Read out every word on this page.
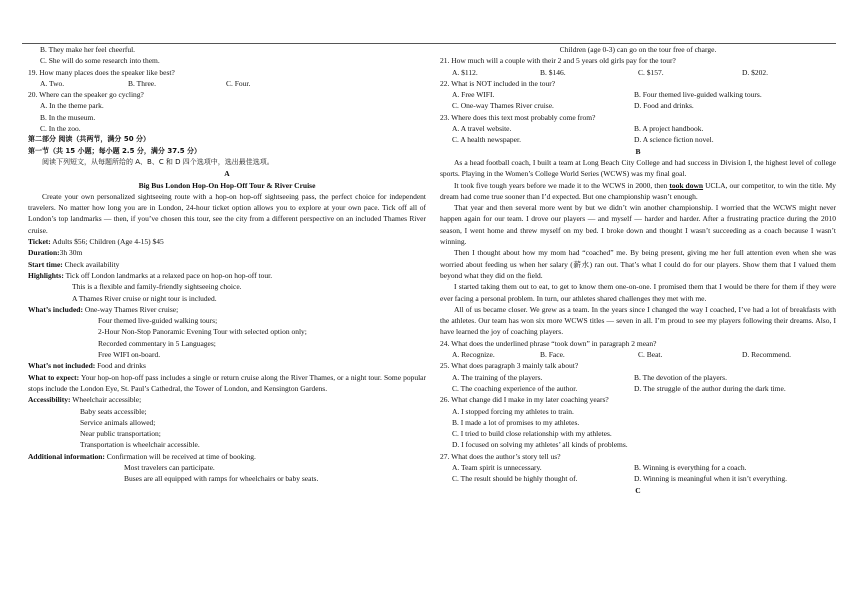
B. They make her feel cheerful.
C. She will do some research into them.
19. How many places does the speaker like best?
A. Two.	B. Three.	C. Four.
20. Where can the speaker go cycling?
A. In the theme park.
B. In the museum.
C. In the zoo.
第二部分 阅读（共两节，满分 50 分）
第一节（共 15 小题；每小题 2.5 分，满分 37.5 分）
阅读下列短文，从每题所给的 A、B、C 和 D 四个选项中，选出最佳选项。
A
Big Bus London Hop-On Hop-Off Tour & River Cruise
Create your own personalized sightseeing route with a hop-on hop-off sightseeing pass, the perfect choice for independent travelers. No matter how long you are in London, 24-hour ticket option allows you to explore at your own pace. Tick off all of London’s top landmarks — then, if you’ve chosen this tour, see the city from a different perspective on an included Thames River cruise.
Ticket: Adults $56; Children (Age 4-15) $45
Duration:3h 30m
Start time: Check availability
Highlights: Tick off London landmarks at a relaxed pace on hop-on hop-off tour.
This is a flexible and family-friendly sightseeing choice.
A Thames River cruise or night tour is included.
What’s included: One-way Thames River cruise;
Four themed live-guided walking tours;
2-Hour Non-Stop Panoramic Evening Tour with selected option only;
Recorded commentary in 5 Languages;
Free WIFI on-board.
What’s not included: Food and drinks
What to expect: Your hop-on hop-off pass includes a single or return cruise along the River Thames, or a night tour. Some popular stops include the London Eye, St. Paul’s Cathedral, the Tower of London, and Kensington Gardens.
Accessibility: Wheelchair accessible;
Baby seats accessible;
Service animals allowed;
Near public transportation;
Transportation is wheelchair accessible.
Additional information: Confirmation will be received at time of booking.
Most travelers can participate.
Buses are all equipped with ramps for wheelchairs or baby seats.
Children (age 0-3) can go on the tour free of charge.
21. How much will a couple with their 2 and 5 years old girls pay for the tour?
A. $112.	B. $146.	C. $157.	D. $202.
22. What is NOT included in the tour?
A. Free WIFI.	B. Four themed live-guided walking tours.
C. One-way Thames River cruise.	D. Food and drinks.
23. Where does this text most probably come from?
A. A travel website.	B. A project handbook.
C. A health newspaper.	D. A science fiction novel.
B
As a head football coach, I built a team at Long Beach City College and had success in Division I, the highest level of college sports. Playing in the Women’s College World Series (WCWS) was my final goal.
It took five tough years before we made it to the WCWS in 2000, then took down UCLA, our competitor, to win the title. My dream had come true sooner than I’d expected. But one championship wasn’t enough.
That year and then several more went by but we didn’t win another championship. I worried that the WCWS might never happen again for our team. I drove our players — and myself — harder and harder. After a frustrating practice during the 2010 season, I went home and threw myself on my bed. I broke down and thought I wasn’t succeeding as a coach because I wasn’t winning.
Then I thought about how my mom had “coached” me. By being present, giving me her full attention even when she was worried about feeding us when her salary (薪水) ran out. That’s what I could do for our players. Show them that I valued them beyond what they did on the field.
I started taking them out to eat, to get to know them one-on-one. I promised them that I would be there for them if they were ever facing a personal problem. In turn, our athletes shared challenges they met with me.
All of us became closer. We grew as a team. In the years since I changed the way I coached, I’ve had a lot of breakfasts with the athletes. Our team has won six more WCWS titles — seven in all. I’m proud to see my players following their dreams. Also, I have learned the joy of coaching players.
24. What does the underlined phrase “took down” in paragraph 2 mean?
A. Recognize.	B. Face.	C. Beat.	D. Recommend.
25. What does paragraph 3 mainly talk about?
A. The training of the players.	B. The devotion of the players.
C. The coaching experience of the author.	D. The struggle of the author during the dark time.
26. What change did I make in my later coaching years?
A. I stopped forcing my athletes to train.
B. I made a lot of promises to my athletes.
C. I tried to build close relationship with my athletes.
D. I focused on solving my athletes’ all kinds of problems.
27. What does the author’s story tell us?
A. Team spirit is unnecessary.	B. Winning is everything for a coach.
C. The result should be highly thought of.	D. Winning is meaningful when it isn’t everything.
C
